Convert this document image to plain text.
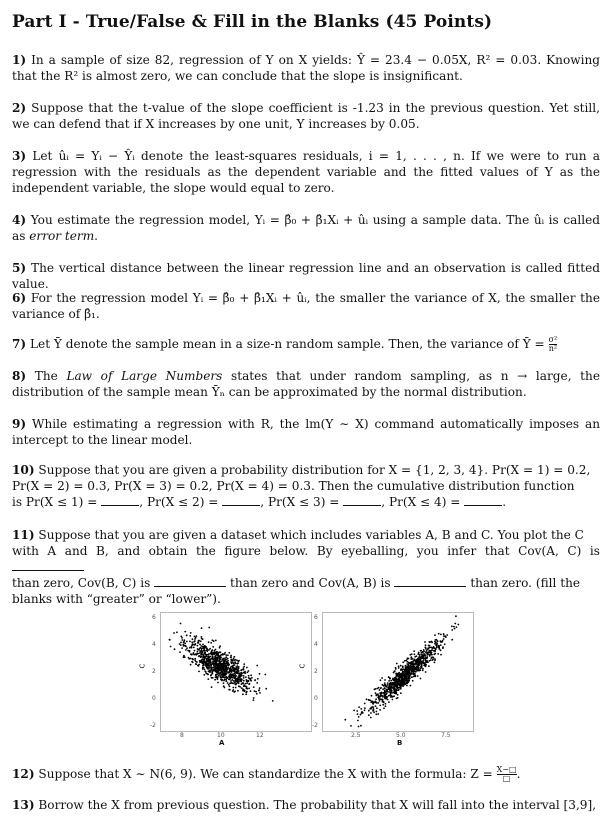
Part I - True/False & Fill in the Blanks (45 Points)

1) In a sample of size 82, regression of Y on X yields: Ŷ = 23.4 − 0.05X, R² = 0.03. Knowing that the R² is almost zero, we can conclude that the slope is insignificant.

2) Suppose that the t-value of the slope coefficient is -1.23 in the previous question. Yet still, we can defend that if X increases by one unit, Y increases by 0.05.

3) Let ûᵢ = Yᵢ − Ŷᵢ denote the least-squares residuals, i = 1, . . . , n. If we were to run a regression with the residuals as the dependent variable and the fitted values of Y as the independent variable, the slope would equal to zero.

4) You estimate the regression model, Yᵢ = β̂₀ + β̂₁Xᵢ + ûᵢ using a sample data. The ûᵢ is called as error term.

5) The vertical distance between the linear regression line and an observation is called fitted value.

6) For the regression model Yᵢ = β̂₀ + β̂₁Xᵢ + ûᵢ, the smaller the variance of X, the smaller the variance of β̂₁.

7) Let Ȳ denote the sample mean in a size-n random sample. Then, the variance of Ȳ = $\frac{\text{σ²}}{\text{n²}}$

8) The Law of Large Numbers states that under random sampling, as n → large, the distribution of the sample mean Ȳₙ can be approximated by the normal distribution.

9) While estimating a regression with R, the lm(Y ∼ X) command automatically imposes an intercept to the linear model.

10) Suppose that you are given a probability distribution for X = {1, 2, 3, 4}. Pr(X = 1) = 0.2,
Pr(X = 2) = 0.3, Pr(X = 3) = 0.2, Pr(X = 4) = 0.3. Then the cumulative distribution function
is Pr(X ≤ 1) =	, Pr(X ≤ 2) =	, Pr(X ≤ 3) =	, Pr(X ≤ 4) =	.

11) Suppose that you are given a dataset which includes variables A, B and C. You plot the C
with A and B, and obtain the figure below. By eyeballing, you infer that Cov(A, C) is
than zero, Cov(B, C) is	than zero and Cov(A, B) is	than zero. (fill the
blanks with “greater” or “lower”).

C
6
4
2
0
-2
8	10	12
A
C
6
4
2
0
-2
2.5	5.0	7.5
B

12) Suppose that X ∼ N(6, 9). We can standardize the X with the formula: $Z = \frac{X-□}{□}$ .

13) Borrow the X from previous question. The probability that X will fall into the interval [3,9],
